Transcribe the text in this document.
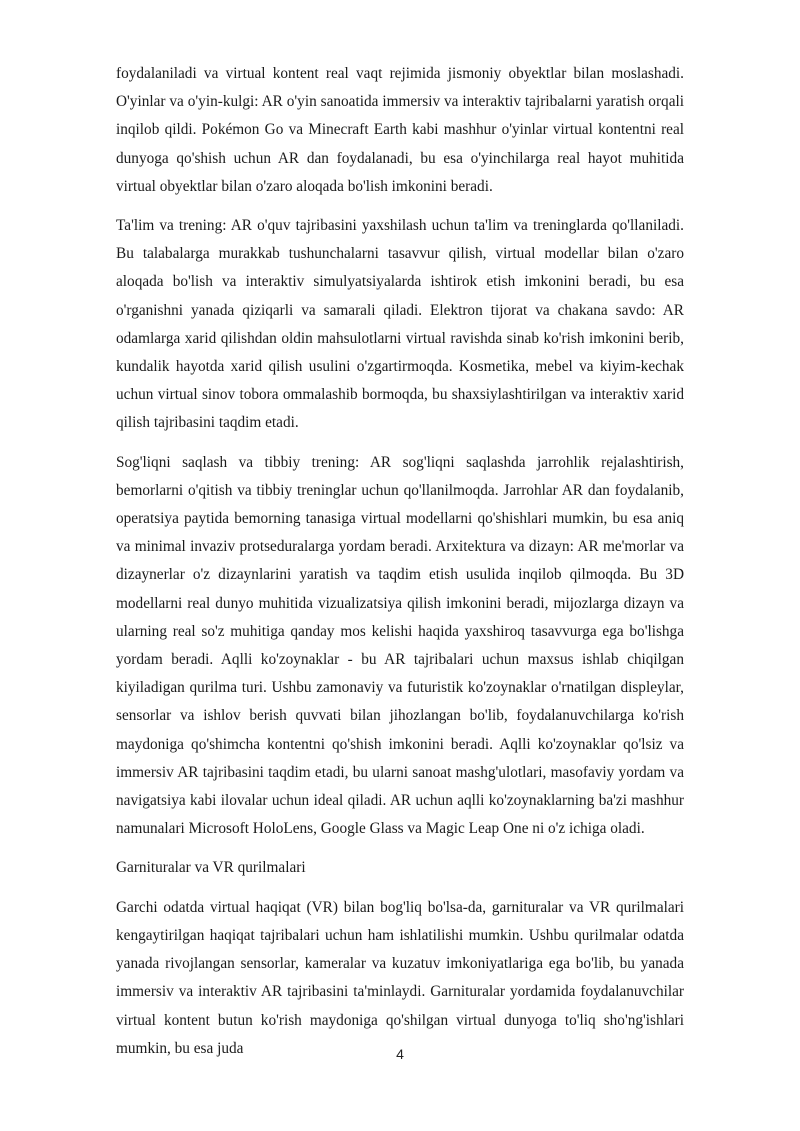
foydalaniladi va virtual kontent real vaqt rejimida jismoniy obyektlar bilan moslashadi. O'yinlar va o'yin-kulgi: AR o'yin sanoatida immersiv va interaktiv tajribalarni yaratish orqali inqilob qildi. Pokémon Go va Minecraft Earth kabi mashhur o'yinlar virtual kontentni real dunyoga qo'shish uchun AR dan foydalanadi, bu esa o'yinchilarga real hayot muhitida virtual obyektlar bilan o'zaro aloqada bo'lish imkonini beradi.

Ta'lim va trening: AR o'quv tajribasini yaxshilash uchun ta'lim va treninglarda qo'llaniladi. Bu talabalarga murakkab tushunchalarni tasavvur qilish, virtual modellar bilan o'zaro aloqada bo'lish va interaktiv simulyatsiyalarda ishtirok etish imkonini beradi, bu esa o'rganishni yanada qiziqarli va samarali qiladi. Elektron tijorat va chakana savdo: AR odamlarga xarid qilishdan oldin mahsulotlarni virtual ravishda sinab ko'rish imkonini berib, kundalik hayotda xarid qilish usulini o'zgartirmoqda. Kosmetika, mebel va kiyim-kechak uchun virtual sinov tobora ommalashib bormoqda, bu shaxsiylashtirilgan va interaktiv xarid qilish tajribasini taqdim etadi.

Sog'liqni saqlash va tibbiy trening: AR sog'liqni saqlashda jarrohlik rejalashtirish, bemorlarni o'qitish va tibbiy treninglar uchun qo'llanilmoqda. Jarrohlar AR dan foydalanib, operatsiya paytida bemorning tanasiga virtual modellarni qo'shishlari mumkin, bu esa aniq va minimal invaziv protseduralarga yordam beradi. Arxitektura va dizayn: AR me'morlar va dizaynerlar o'z dizaynlarini yaratish va taqdim etish usulida inqilob qilmoqda. Bu 3D modellarni real dunyo muhitida vizualizatsiya qilish imkonini beradi, mijozlarga dizayn va ularning real so'z muhitiga qanday mos kelishi haqida yaxshiroq tasavvurga ega bo'lishga yordam beradi. Aqlli ko'zoynaklar - bu AR tajribalari uchun maxsus ishlab chiqilgan kiyiladigan qurilma turi. Ushbu zamonaviy va futuristik ko'zoynaklar o'rnatilgan displeylar, sensorlar va ishlov berish quvvati bilan jihozlangan bo'lib, foydalanuvchilarga ko'rish maydoniga qo'shimcha kontentni qo'shish imkonini beradi. Aqlli ko'zoynaklar qo'lsiz va immersiv AR tajribasini taqdim etadi, bu ularni sanoat mashg'ulotlari, masofaviy yordam va navigatsiya kabi ilovalar uchun ideal qiladi. AR uchun aqlli ko'zoynaklarning ba'zi mashhur namunalari Microsoft HoloLens, Google Glass va Magic Leap One ni o'z ichiga oladi.

Garnituralar va VR qurilmalari

Garchi odatda virtual haqiqat (VR) bilan bog'liq bo'lsa-da, garnituralar va VR qurilmalari kengaytirilgan haqiqat tajribalari uchun ham ishlatilishi mumkin. Ushbu qurilmalar odatda yanada rivojlangan sensorlar, kameralar va kuzatuv imkoniyatlariga ega bo'lib, bu yanada immersiv va interaktiv AR tajribasini ta'minlaydi. Garnituralar yordamida foydalanuvchilar virtual kontent butun ko'rish maydoniga qo'shilgan virtual dunyoga to'liq sho'ng'ishlari mumkin, bu esa juda	4
